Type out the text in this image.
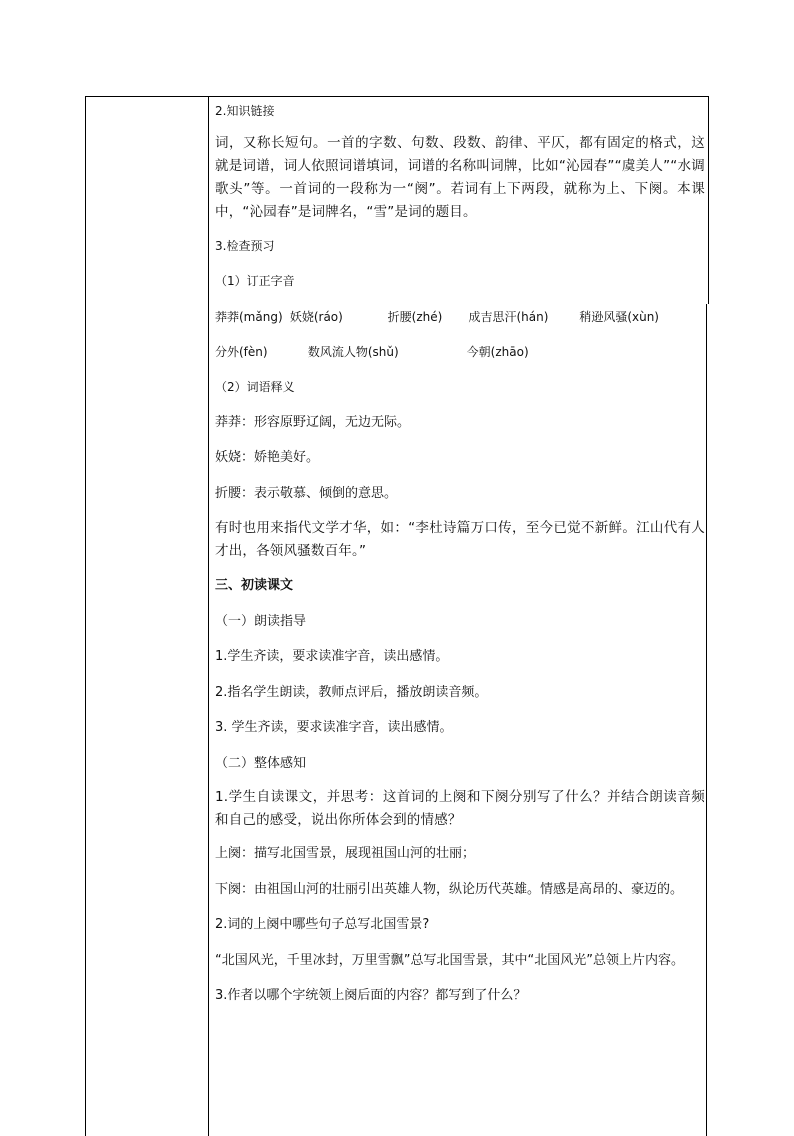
2.知识链接
词，又称长短句。一首的字数、句数、段数、韵律、平仄，都有固定的格式，这就是词谱，词人依照词谱填词，词谱的名称叫词牌，比如“沁园春”“虞美人”“水调歌头”等。一首词的一段称为一“阕”。若词有上下两段，就称为上、下阕。本课中，“沁园春”是词牌名，“雪”是词的题目。
3.检查预习
（1）订正字音
莽莽(mǎng) 妖娆(ráo)	折腰(zhé) 成吉思汗(hán)	稍逊风骚(xùn)
分外(fèn)	数风流人物(shǔ)	今朝(zhāo)
（2）词语释义
莽莽：形容原野辽阔，无边无际。
妖娆：娇艳美好。
折腰：表示敬慕、倾倒的意思。
有时也用来指代文学才华，如：“李杜诗篇万口传，至今已觉不新鲜。江山代有人才出，各领风骚数百年。”
三、初读课文
（一）朗读指导
1.学生齐读，要求读准字音，读出感情。
2.指名学生朗读，教师点评后，播放朗读音频。
3. 学生齐读，要求读准字音，读出感情。
（二）整体感知
1.学生自读课文，并思考：这首词的上阕和下阕分别写了什么？并结合朗读音频和自己的感受，说出你所体会到的情感？
上阕：描写北国雪景，展现祖国山河的壮丽；
下阕：由祖国山河的壮丽引出英雄人物，纵论历代英雄。情感是高昂的、豪迈的。
2.词的上阕中哪些句子总写北国雪景?
“北国风光，千里冰封，万里雪飘”总写北国雪景，其中“北国风光”总领上片内容。
3.作者以哪个字统领上阕后面的内容？都写到了什么？
